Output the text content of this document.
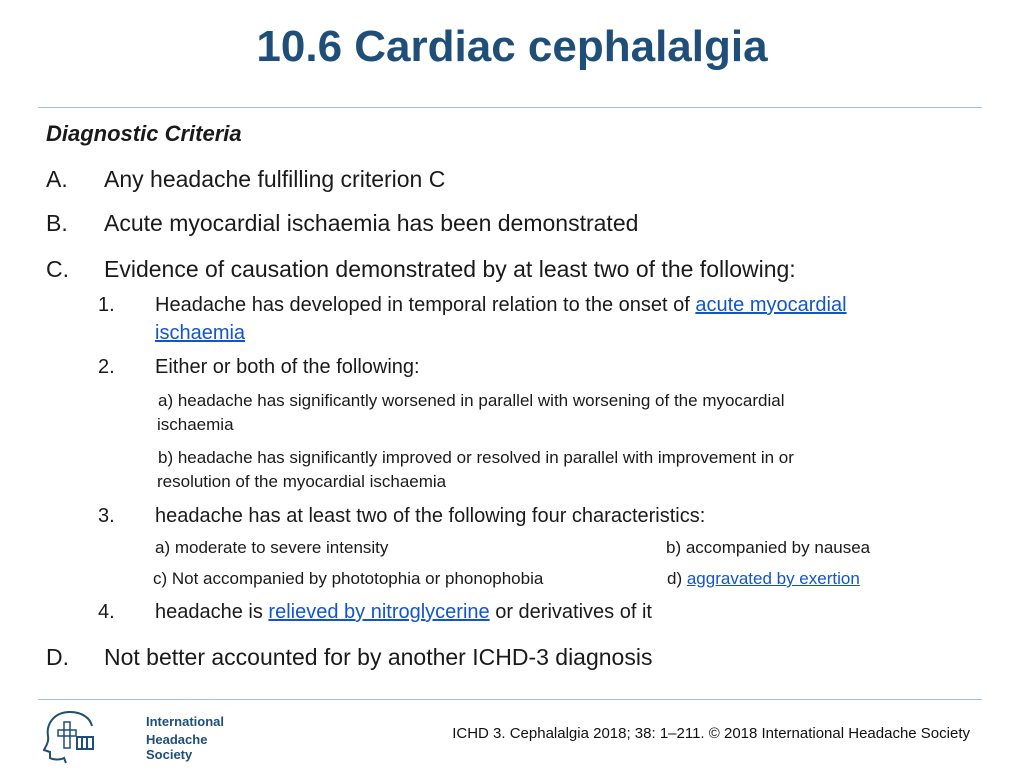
10.6 Cardiac cephalalgia
Diagnostic Criteria
A. Any headache fulfilling criterion C
B. Acute myocardial ischaemia has been demonstrated
C. Evidence of causation demonstrated by at least two of the following:
1. Headache has developed in temporal relation to the onset of acute myocardial
ischaemia
2. Either or both of the following:
a) headache has significantly worsened in parallel with worsening of the myocardial
ischaemia
b) headache has significantly improved or resolved in parallel with improvement in or
resolution of the myocardial ischaemia
3. headache has at least two of the following four characteristics:
a) moderate to severe intensity	b) accompanied by nausea
c) Not accompanied by phototophia or phonophobia	d) aggravated by exertion
4. headache is relieved by nitroglycerine or derivatives of it
D. Not better accounted for by another ICHD-3 diagnosis
International
Headache Society
ICHD 3. Cephalalgia 2018; 38: 1–211. © 2018 International Headache Society
